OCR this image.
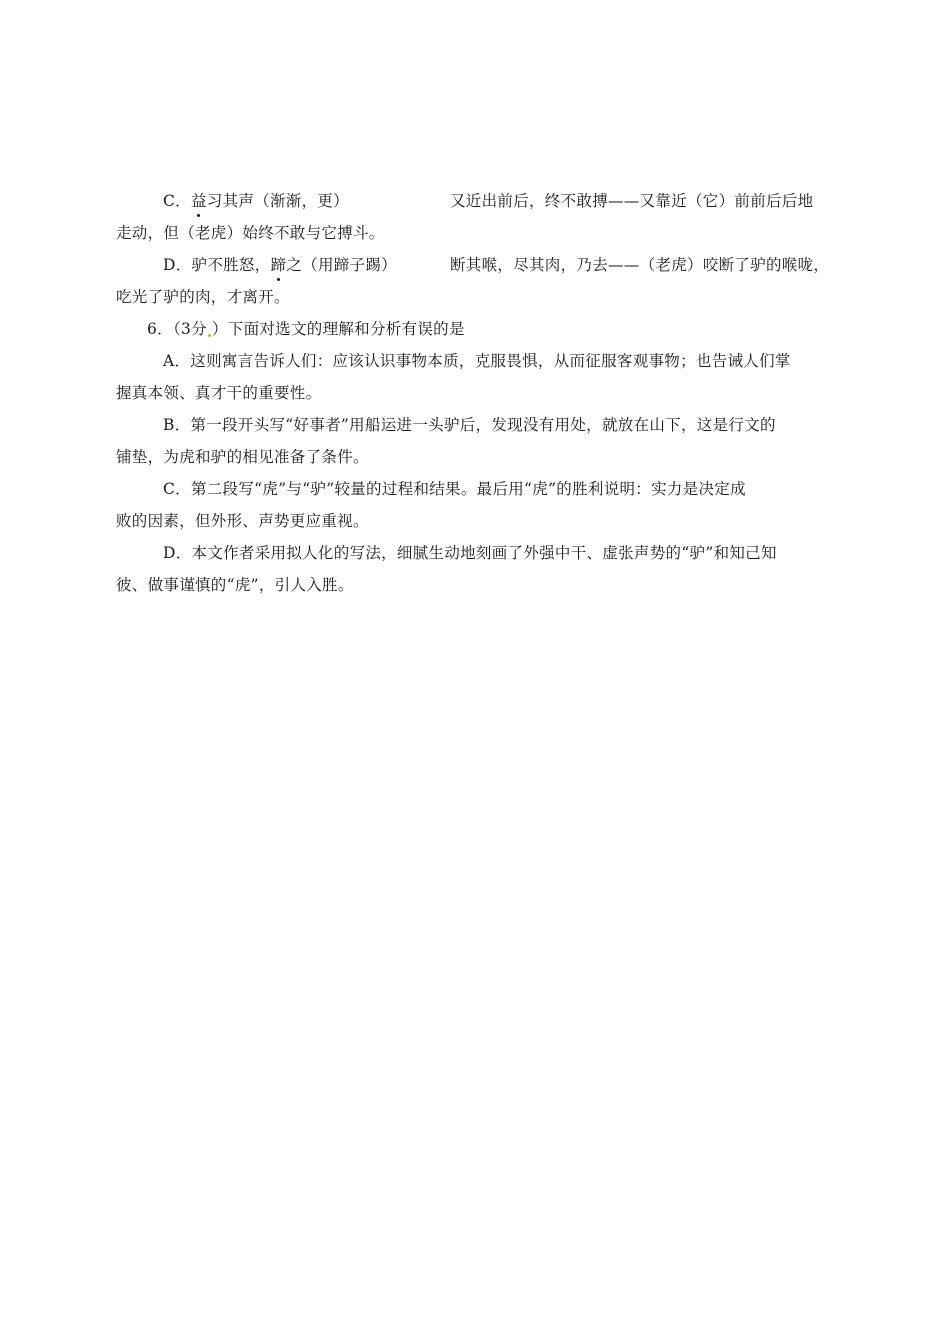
C．益习其声（渐渐，更）	又近出前后，终不敢搏——又靠近（它）前前后后地
走动，但（老虎）始终不敢与它搏斗。
D．驴不胜怒，蹄之（用蹄子踢）	断其喉，尽其肉，乃去——（老虎）咬断了驴的喉咙，
吃光了驴的肉，才离开。
6．（3分 ）下面对选文的理解和分析有误的是
A．这则寓言告诉人们：应该认识事物本质，克服畏惧，从而征服客观事物；也告诫人们掌
握真本领、真才干的重要性。
B．第一段开头写“好事者”用船运进一头驴后，发现没有用处，就放在山下，这是行文的
铺垫，为虎和驴的相见准备了条件。
C．第二段写“虎”与“驴”较量的过程和结果。最后用“虎”的胜利说明：实力是决定成
败的因素，但外形、声势更应重视。
D．本文作者采用拟人化的写法，细腻生动地刻画了外强中干、虚张声势的“驴”和知己知
彼、做事谨慎的“虎”，引人入胜。
